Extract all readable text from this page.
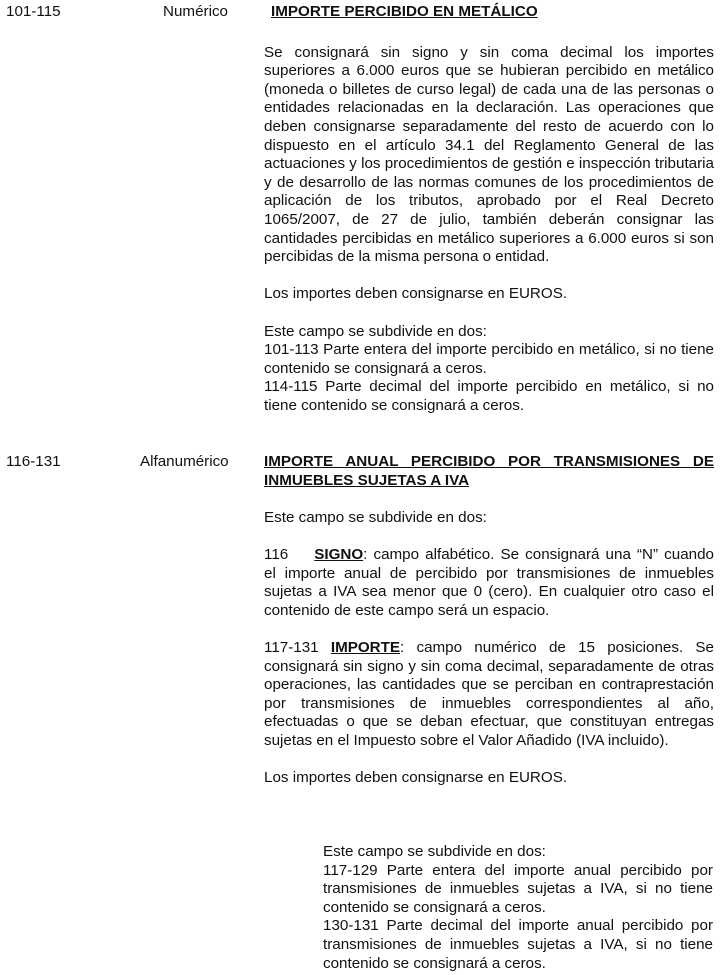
101-115	Numérico	IMPORTE PERCIBIDO EN METÁLICO

Se consignará sin signo y sin coma decimal los importes superiores a 6.000 euros que se hubieran percibido en metálico (moneda o billetes de curso legal) de cada una de las personas o entidades relacionadas en la declaración. Las operaciones que deben consignarse separadamente del resto de acuerdo con lo dispuesto en el artículo 34.1 del Reglamento General de las actuaciones y los procedimientos de gestión e inspección tributaria y de desarrollo de las normas comunes de los procedimientos de aplicación de los tributos, aprobado por el Real Decreto 1065/2007, de 27 de julio, también deberán consignar las cantidades percibidas en metálico superiores a 6.000 euros si son percibidas de la misma persona o entidad.

Los importes deben consignarse en EUROS.

Este campo se subdivide en dos:

101-113 Parte entera del importe percibido en metálico, si no tiene contenido se consignará a ceros.

114-115 Parte decimal del importe percibido en metálico, si no tiene contenido se consignará a ceros.

116-131	Alfanumérico IMPORTE ANUAL PERCIBIDO POR TRANSMISIONES DE INMUEBLES SUJETAS A IVA

Este campo se subdivide en dos:

116 SIGNO: campo alfabético. Se consignará una “N” cuando el importe anual de percibido por transmisiones de inmuebles sujetas a IVA sea menor que 0 (cero). En cualquier otro caso el contenido de este campo será un espacio.

117-131 IMPORTE: campo numérico de 15 posiciones. Se consignará sin signo y sin coma decimal, separadamente de otras operaciones, las cantidades que se perciban en contraprestación por transmisiones de inmuebles correspondientes al año, efectuadas o que se deban efectuar, que constituyan entregas sujetas en el Impuesto sobre el Valor Añadido (IVA incluido).

Los importes deben consignarse en EUROS.

Este campo se subdivide en dos:

117-129 Parte entera del importe anual percibido por transmisiones de inmuebles sujetas a IVA, si no tiene contenido se consignará a ceros.

130-131 Parte decimal del importe anual percibido por transmisiones de inmuebles sujetas a IVA, si no tiene contenido se consignará a ceros.
